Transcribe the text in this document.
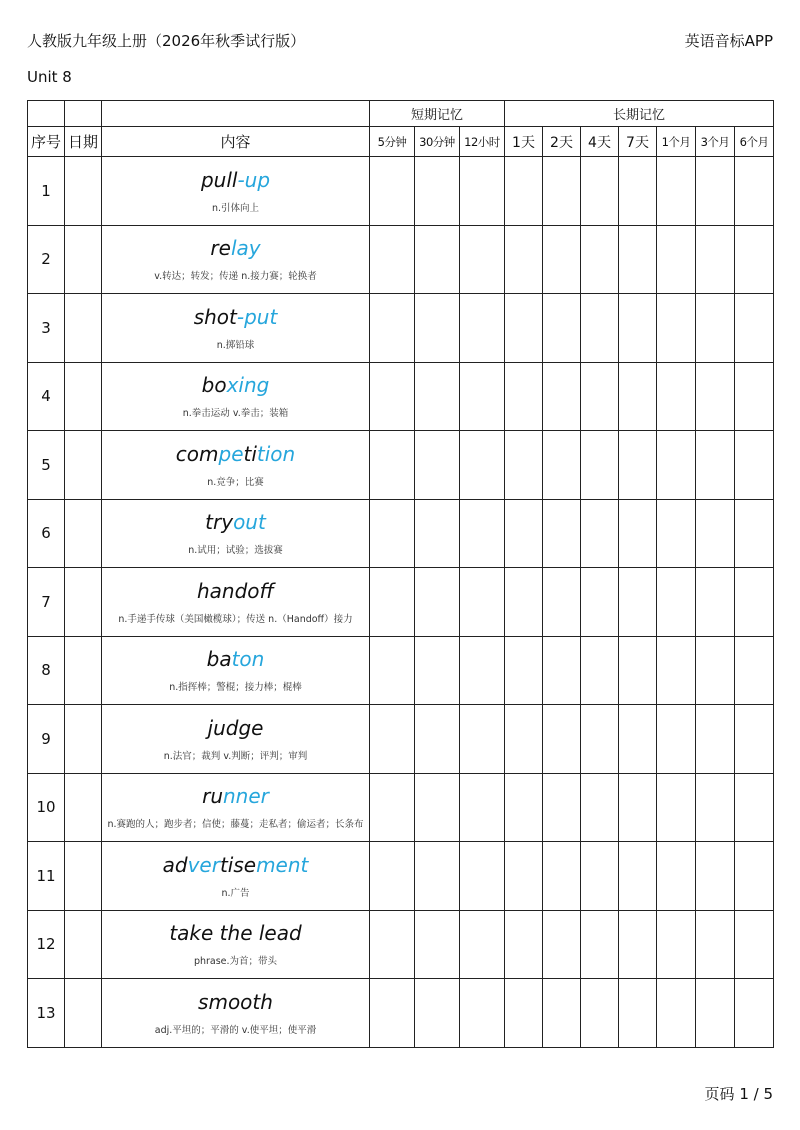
人教版九年级上册（2026年秋季试行版）	英语音标APP
Unit 8
			短期记忆			长期记忆						
序号	日期	内容	5分钟	30分钟	12小时	1天	2天	4天	7天	1个月	3个月	6个月
1		pull-up
n.引体向上										

2		relay
v.转达；转发；传递 n.接力赛；轮换者										

3		shot-put
n.掷铅球										

4		boxing
n.拳击运动 v.拳击；装箱										

5		competition
n.竞争；比赛										

6		tryout
n.试用；试验；选拔赛										

7		handoff
n.手递手传球（美国橄榄球）；传送 n.（Handoff）接力										

8		baton
n.指挥棒；警棍；接力棒；棍棒										

9		judge
n.法官；裁判 v.判断；评判；审判										

10		runner
n.赛跑的人；跑步者；信使；藤蔓；走私者；偷运者；长条布										

11		advertisement
n.广告										

12		take the lead
phrase.为首；带头										

13		smooth
adj.平坦的；平滑的 v.使平坦；使平滑										

页码 1 / 5
